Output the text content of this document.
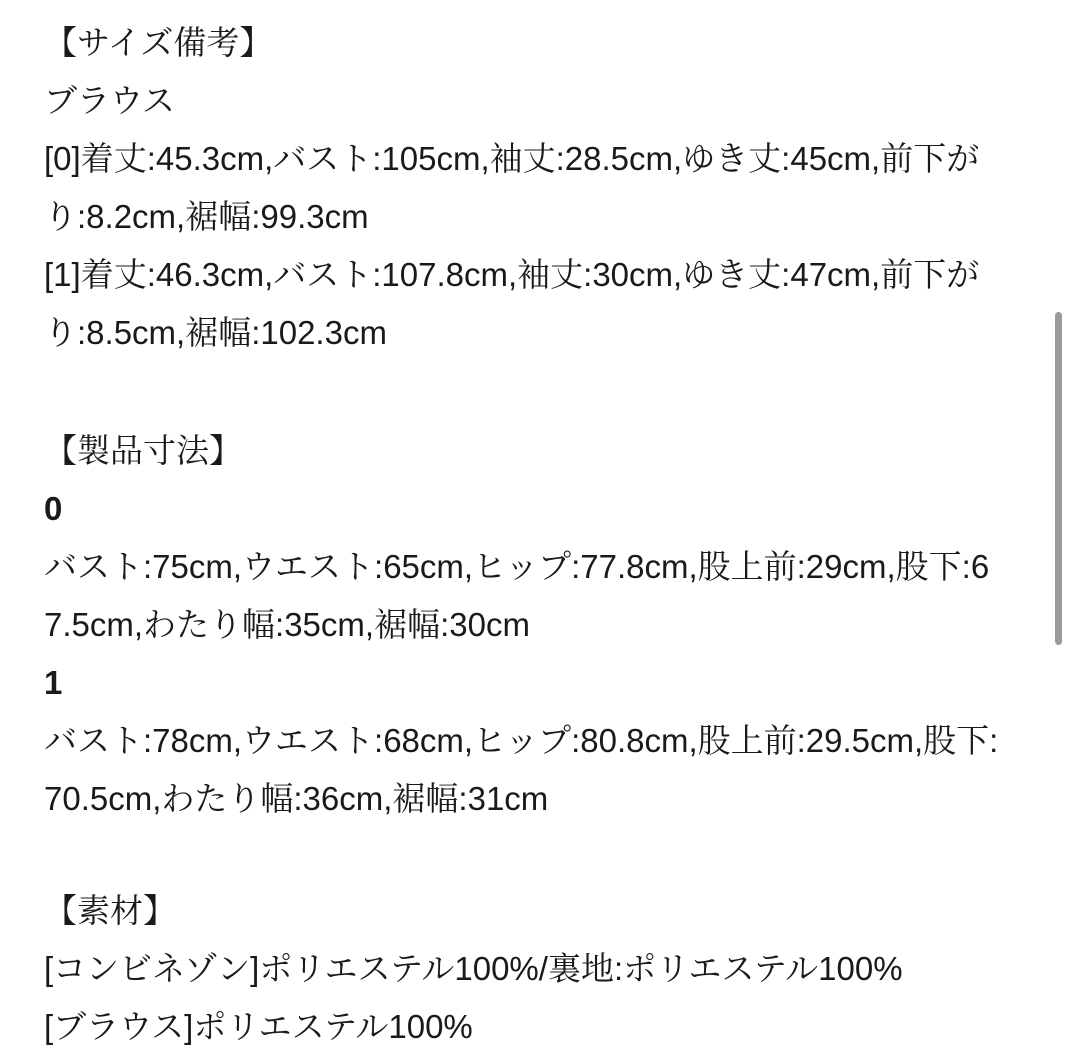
【サイズ備考】
ブラウス
[0]着丈:45.3cm,バスト:105cm,袖丈:28.5cm,ゆき丈:45cm,前下がり:8.2cm,裾幅:99.3cm
[1]着丈:46.3cm,バスト:107.8cm,袖丈:30cm,ゆき丈:47cm,前下がり:8.5cm,裾幅:102.3cm
【製品寸法】
0
バスト:75cm,ウエスト:65cm,ヒップ:77.8cm,股上前:29cm,股下:67.5cm,わたり幅:35cm,裾幅:30cm
1
バスト:78cm,ウエスト:68cm,ヒップ:80.8cm,股上前:29.5cm,股下:70.5cm,わたり幅:36cm,裾幅:31cm
【素材】
[コンビネゾン]ポリエステル100%/裏地:ポリエステル100%
[ブラウス]ポリエステル100%
